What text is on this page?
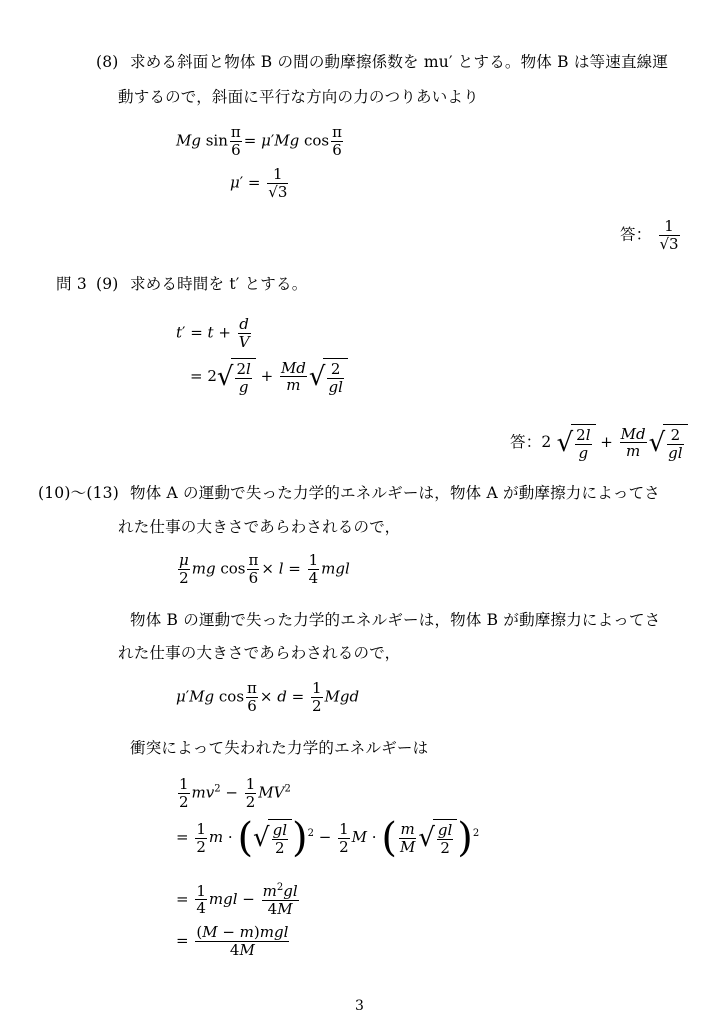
(8) 求める斜面と物体 B の間の動摩擦係数を mu′ とする。物体 B は等速直線運
動するので，斜面に平行な方向の力のつりあいより
Mg $\sin \frac{\pi}{6} = \mu'Mg$ $\cos \frac{\pi}{6}$
$\mu' = \frac{1}{√3}$
答： $\frac{1}{√3}$
問 3 (9) 求める時間を t′ とする。
$t' = t + \frac{d}{V}$
= $2√ \frac{2l}{g} + \frac{Md}{m}$ √ $\frac{2}{gl}$
答：2 √ $\frac{2l}{g} + \frac{Md}{m}$ √ $\frac{2}{gl}$
(10)〜(13) 物体 A の運動で失った力学的エネルギーは，物体 A が動摩擦力によってさ
れた仕事の大きさであらわされるので，
$\frac{\mu}{2}$ mg $\cos \frac{\pi}{6} \times l = \frac{1}{4}$ mgl
物体 B の運動で失った力学的エネルギーは，物体 B が動摩擦力によってさ
れた仕事の大きさであらわされるので，
μ′Mg $\cos \frac{\pi}{6} \times d = \frac{1}{2}$ Mgd
衝突によって失われた力学的エネルギーは
$\frac{1}{2} mv^2 - \frac{1}{2} MV^2$
= $\frac{1}{2}$ m · (√ $\frac{gl}{2} )^2 - \frac{1}{2}$ M · ( $\frac{m}{M}$ √ $\frac{gl}{2} )^2$
= $\frac{1}{4}$ mgl − $\frac{m^2gl}{4M}$
= $\frac{\text{(M − m)mgl}}{4M}$
3
